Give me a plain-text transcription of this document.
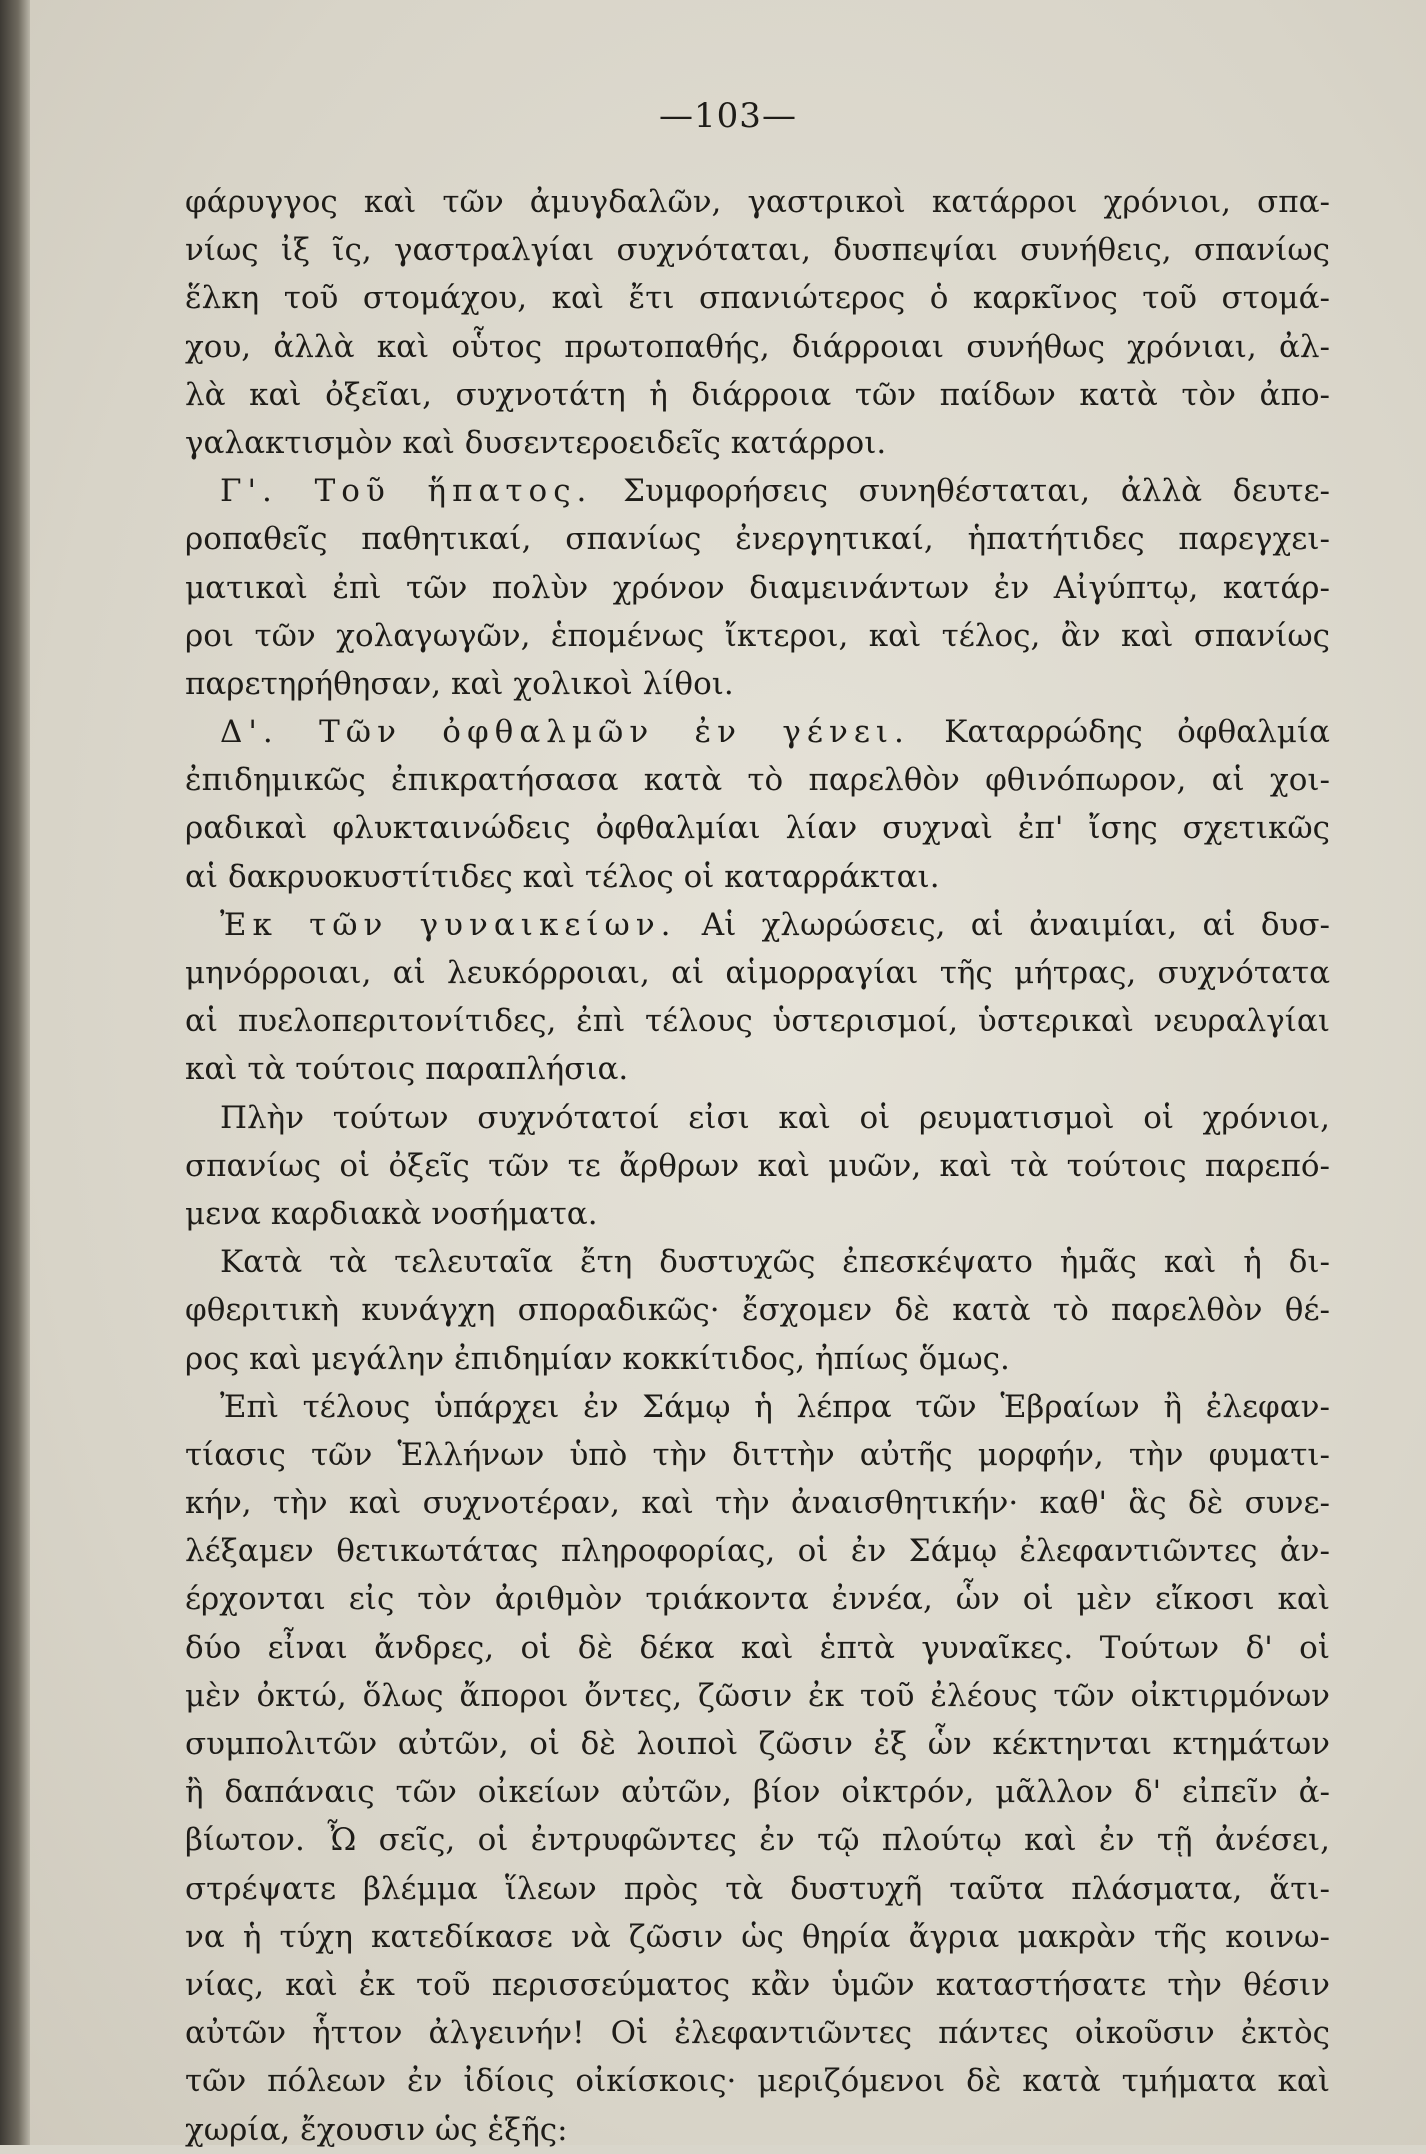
—103—
φάρυγγος καὶ τῶν ἀμυγδαλῶν, γαστρικοὶ κατάρροι χρόνιοι, σπα-
νίως ἰξ ῖς, γαστραλγίαι συχνόταται, δυσπεψίαι συνήθεις, σπανίως
ἕλκη τοῦ στομάχου, καὶ ἔτι σπανιώτερος ὁ καρκῖνος τοῦ στομά-
χου, ἀλλὰ καὶ οὗτος πρωτοπαθής, διάρροιαι συνήθως χρόνιαι, ἀλ-
λὰ καὶ ὀξεῖαι, συχνοτάτη ἡ διάρροια τῶν παίδων κατὰ τὸν ἀπο-
γαλακτισμὸν καὶ δυσεντεροειδεῖς κατάρροι.
Γ'. Τοῦ ἥπατος. Συμφορήσεις συνηθέσταται, ἀλλὰ δευτε-
ροπαθεῖς παθητικαί, σπανίως ἐνεργητικαί, ἡπατήτιδες παρεγχει-
ματικαὶ ἐπὶ τῶν πολὺν χρόνον διαμεινάντων ἐν Αἰγύπτῳ, κατάρ-
ροι τῶν χολαγωγῶν, ἑπομένως ἴκτεροι, καὶ τέλος, ἂν καὶ σπανίως
παρετηρήθησαν, καὶ χολικοὶ λίθοι.
Δ'. Τῶν ὀφθαλμῶν ἐν γένει. Καταρρώδης ὀφθαλμία
ἐπιδημικῶς ἐπικρατήσασα κατὰ τὸ παρελθὸν φθινόπωρον, αἱ χοι-
ραδικαὶ φλυκταινώδεις ὀφθαλμίαι λίαν συχναὶ ἐπ' ἴσης σχετικῶς
αἱ δακρυοκυστίτιδες καὶ τέλος οἱ καταρράκται.
Ἐκ τῶν γυναικείων. Αἱ χλωρώσεις, αἱ ἀναιμίαι, αἱ δυσ-
μηνόρροιαι, αἱ λευκόρροιαι, αἱ αἱμορραγίαι τῆς μήτρας, συχνότατα
αἱ πυελοπεριτονίτιδες, ἐπὶ τέλους ὑστερισμοί, ὑστερικαὶ νευραλγίαι
καὶ τὰ τούτοις παραπλήσια.
Πλὴν τούτων συχνότατοί εἰσι καὶ οἱ ρευματισμοὶ οἱ χρόνιοι,
σπανίως οἱ ὀξεῖς τῶν τε ἄρθρων καὶ μυῶν, καὶ τὰ τούτοις παρεπό-
μενα καρδιακὰ νοσήματα.
Κατὰ τὰ τελευταῖα ἔτη δυστυχῶς ἐπεσκέψατο ἡμᾶς καὶ ἡ δι-
φθεριτικὴ κυνάγχη σποραδικῶς· ἔσχομεν δὲ κατὰ τὸ παρελθὸν θέ-
ρος καὶ μεγάλην ἐπιδημίαν κοκκίτιδος, ἠπίως ὅμως.
Ἐπὶ τέλους ὑπάρχει ἐν Σάμῳ ἡ λέπρα τῶν Ἑβραίων ἢ ἐλεφαν-
τίασις τῶν Ἑλλήνων ὑπὸ τὴν διττὴν αὐτῆς μορφήν, τὴν φυματι-
κήν, τὴν καὶ συχνοτέραν, καὶ τὴν ἀναισθητικήν· καθ' ἃς δὲ συνε-
λέξαμεν θετικωτάτας πληροφορίας, οἱ ἐν Σάμῳ ἐλεφαντιῶντες ἀν-
έρχονται εἰς τὸν ἀριθμὸν τριάκοντα ἐννέα, ὧν οἱ μὲν εἴκοσι καὶ
δύο εἶναι ἄνδρες, οἱ δὲ δέκα καὶ ἑπτὰ γυναῖκες. Τούτων δ' οἱ
μὲν ὀκτώ, ὅλως ἄποροι ὄντες, ζῶσιν ἐκ τοῦ ἐλέους τῶν οἰκτιρμόνων
συμπολιτῶν αὐτῶν, οἱ δὲ λοιποὶ ζῶσιν ἐξ ὧν κέκτηνται κτημάτων
ἢ δαπάναις τῶν οἰκείων αὐτῶν, βίον οἰκτρόν, μᾶλλον δ' εἰπεῖν ἀ-
βίωτον. Ὦ σεῖς, οἱ ἐντρυφῶντες ἐν τῷ πλούτῳ καὶ ἐν τῇ ἀνέσει,
στρέψατε βλέμμα ἵλεων πρὸς τὰ δυστυχῆ ταῦτα πλάσματα, ἅτι-
να ἡ τύχη κατεδίκασε νὰ ζῶσιν ὡς θηρία ἄγρια μακρὰν τῆς κοινω-
νίας, καὶ ἐκ τοῦ περισσεύματος κἂν ὑμῶν καταστήσατε τὴν θέσιν
αὐτῶν ἧττον ἀλγεινήν! Οἱ ἐλεφαντιῶντες πάντες οἰκοῦσιν ἐκτὸς
τῶν πόλεων ἐν ἰδίοις οἰκίσκοις· μεριζόμενοι δὲ κατὰ τμήματα καὶ
χωρία, ἔχουσιν ὡς ἑξῆς:
